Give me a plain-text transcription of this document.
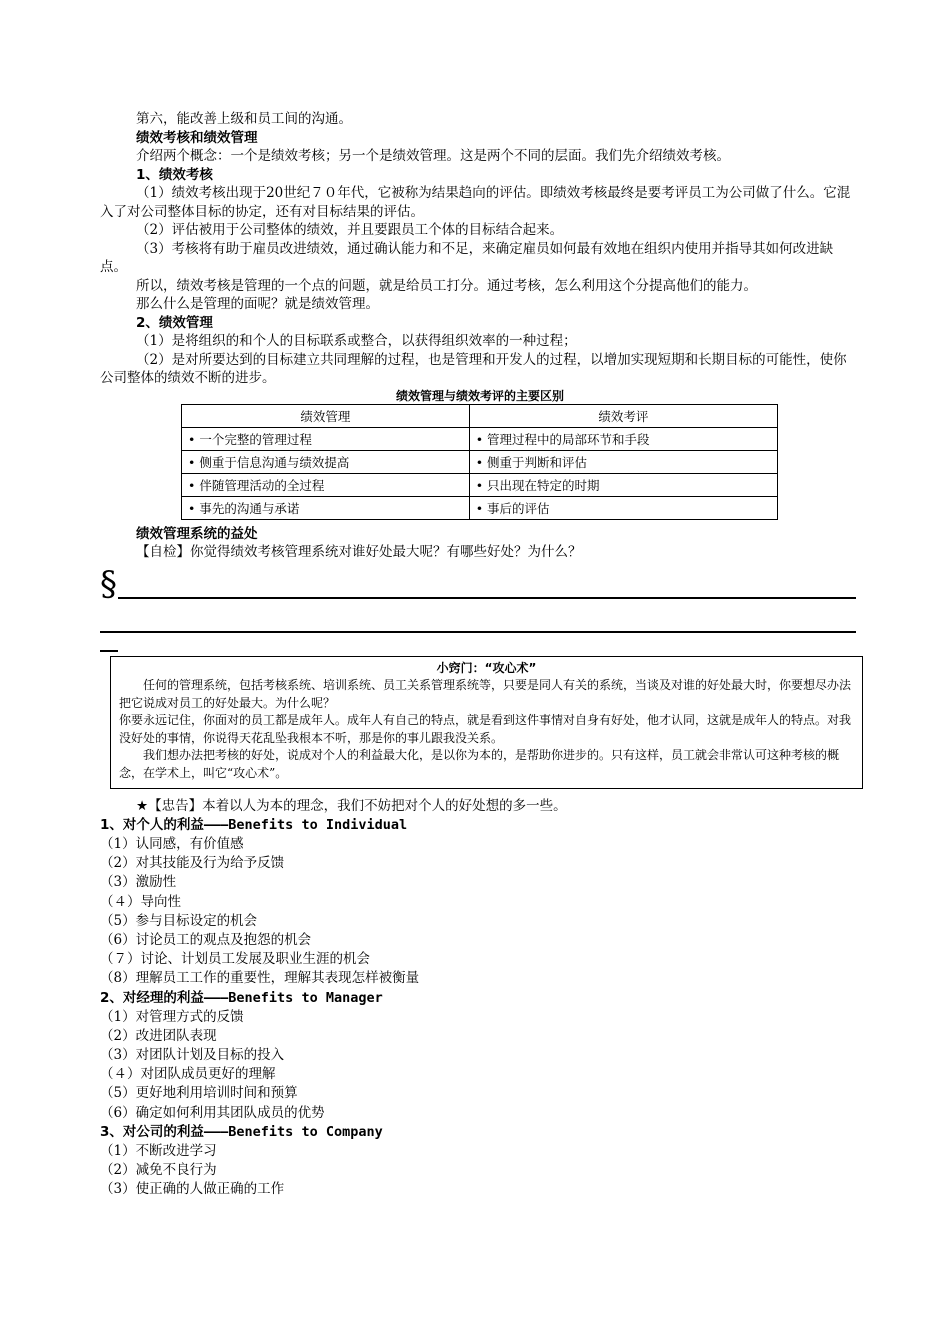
第六，能改善上级和员工间的沟通。

绩效考核和绩效管理

介绍两个概念：一个是绩效考核；另一个是绩效管理。这是两个不同的层面。我们先介绍绩效考核。

1、绩效考核

（1）绩效考核出现于20世纪７０年代，它被称为结果趋向的评估。即绩效考核最终是要考评员工为公司做了什么。它混入了对公司整体目标的协定，还有对目标结果的评估。

（2）评估被用于公司整体的绩效，并且要跟员工个体的目标结合起来。

（3）考核将有助于雇员改进绩效，通过确认能力和不足，来确定雇员如何最有效地在组织内使用并指导其如何改进缺点。

所以，绩效考核是管理的一个点的问题，就是给员工打分。通过考核，怎么利用这个分提高他们的能力。

那么什么是管理的面呢？就是绩效管理。

2、绩效管理

（1）是将组织的和个人的目标联系或整合，以获得组织效率的一种过程；

（2）是对所要达到的目标建立共同理解的过程，也是管理和开发人的过程，以增加实现短期和长期目标的可能性，使你公司整体的绩效不断的进步。

绩效管理与绩效考评的主要区别

绩效管理	绩效考评
• 一个完整的管理过程	• 管理过程中的局部环节和手段
• 侧重于信息沟通与绩效提高	• 侧重于判断和评估
• 伴随管理活动的全过程	• 只出现在特定的时期
• 事先的沟通与承诺	• 事后的评估

绩效管理系统的益处

【自检】你觉得绩效考核管理系统对谁好处最大呢？有哪些好处？为什么？

§

小窍门：“攻心术”

任何的管理系统，包括考核系统、培训系统、员工关系管理系统等，只要是同人有关的系统，当谈及对谁的好处最大时，你要想尽办法把它说成对员工的好处最大。为什么呢？

你要永远记住，你面对的员工都是成年人。成年人有自己的特点，就是看到这件事情对自身有好处，他才认同，这就是成年人的特点。对我没好处的事情，你说得天花乱坠我根本不听，那是你的事儿跟我没关系。

我们想办法把考核的好处，说成对个人的利益最大化，是以你为本的，是帮助你进步的。只有这样，员工就会非常认可这种考核的概念，在学术上，叫它“攻心术”。

★【忠告】本着以人为本的理念，我们不妨把对个人的好处想的多一些。

1、对个人的利益———Benefits to Individual

（1）认同感，有价值感
（2）对其技能及行为给予反馈
（3）激励性
（４）导向性
（5）参与目标设定的机会
（6）讨论员工的观点及抱怨的机会
（７）讨论、计划员工发展及职业生涯的机会
（8）理解员工工作的重要性，理解其表现怎样被衡量

2、对经理的利益———Benefits to Manager

（1）对管理方式的反馈
（2）改进团队表现
（3）对团队计划及目标的投入
（４）对团队成员更好的理解
（5）更好地利用培训时间和预算
（6）确定如何利用其团队成员的优势

3、对公司的利益———Benefits to Company

（1）不断改进学习
（2）减免不良行为
（3）使正确的人做正确的工作
